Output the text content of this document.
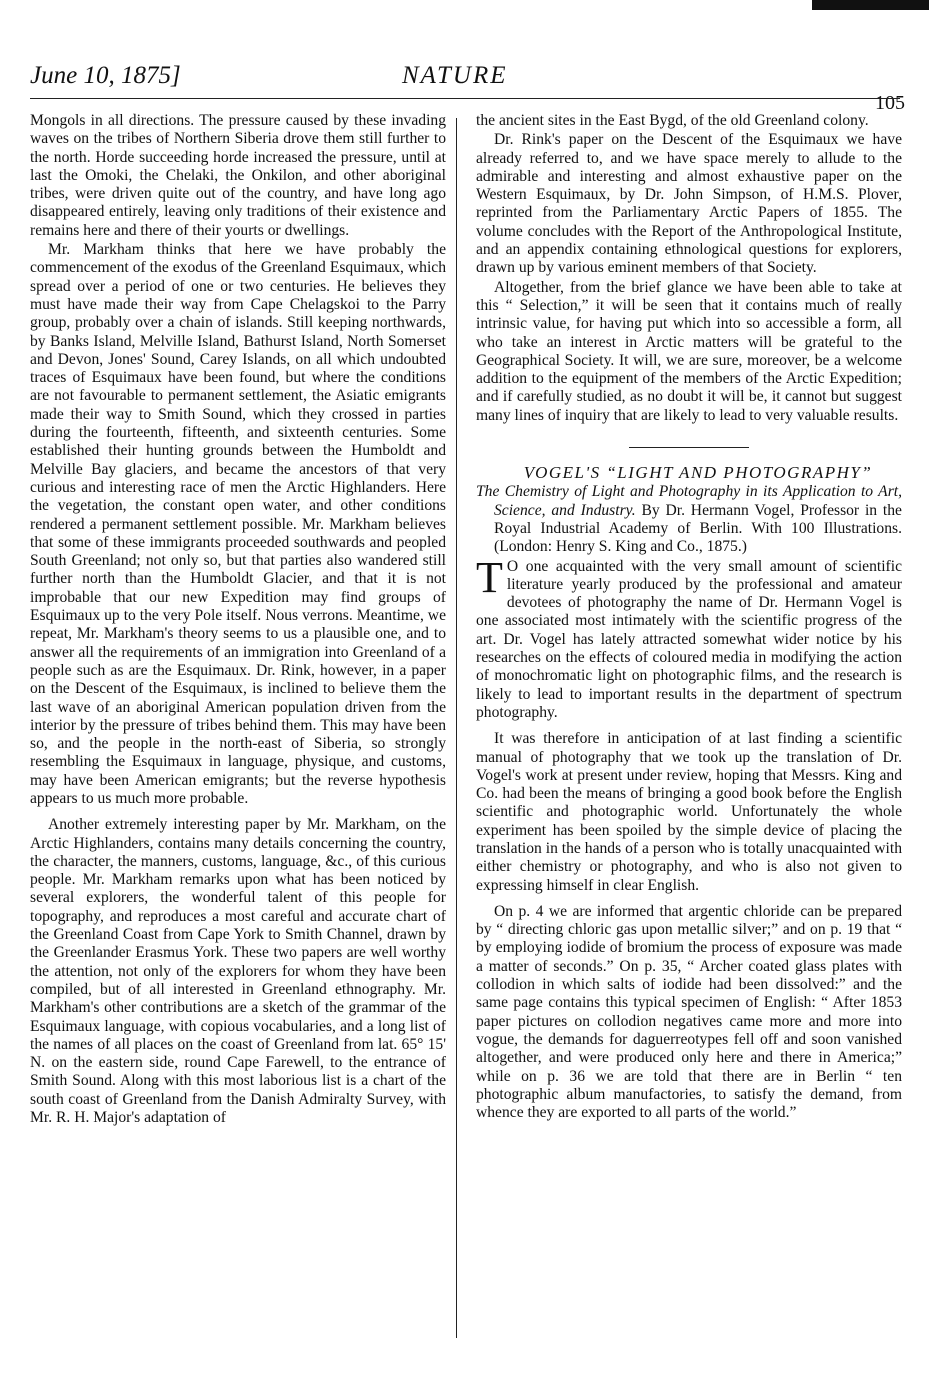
June 10, 1875]	NATURE
105

Mongols in all directions. The pressure caused by these invading waves on the tribes of Northern Siberia drove them still further to the north. Horde succeeding horde increased the pressure, until at last the Omoki, the Chelaki, the Onkilon, and other aboriginal tribes, were driven quite out of the country, and have long ago disappeared entirely, leaving only traditions of their existence and remains here and there of their yourts or dwellings.

Mr. Markham thinks that here we have probably the commencement of the exodus of the Greenland Esquimaux, which spread over a period of one or two centuries. He believes they must have made their way from Cape Chelagskoi to the Parry group, probably over a chain of islands. Still keeping northwards, by Banks Island, Melville Island, Bathurst Island, North Somerset and Devon, Jones' Sound, Carey Islands, on all which undoubted traces of Esquimaux have been found, but where the conditions are not favourable to permanent settlement, the Asiatic emigrants made their way to Smith Sound, which they crossed in parties during the fourteenth, fifteenth, and sixteenth centuries. Some established their hunting grounds between the Humboldt and Melville Bay glaciers, and became the ancestors of that very curious and interesting race of men the Arctic Highlanders. Here the vegetation, the constant open water, and other conditions rendered a permanent settlement possible. Mr. Markham believes that some of these immigrants proceeded southwards and peopled South Greenland; not only so, but that parties also wandered still further north than the Humboldt Glacier, and that it is not improbable that our new Expedition may find groups of Esquimaux up to the very Pole itself. Nous verrons. Meantime, we repeat, Mr. Markham's theory seems to us a plausible one, and to answer all the requirements of an immigration into Greenland of a people such as are the Esquimaux. Dr. Rink, however, in a paper on the Descent of the Esquimaux, is inclined to believe them the last wave of an aboriginal American population driven from the interior by the pressure of tribes behind them. This may have been so, and the people in the north-east of Siberia, so strongly resembling the Esquimaux in language, physique, and customs, may have been American emigrants; but the reverse hypothesis appears to us much more probable.

Another extremely interesting paper by Mr. Markham, on the Arctic Highlanders, contains many details concerning the country, the character, the manners, customs, language, &c., of this curious people. Mr. Markham remarks upon what has been noticed by several explorers, the wonderful talent of this people for topography, and reproduces a most careful and accurate chart of the Greenland Coast from Cape York to Smith Channel, drawn by the Greenlander Erasmus York. These two papers are well worthy the attention, not only of the explorers for whom they have been compiled, but of all interested in Greenland ethnography. Mr. Markham's other contributions are a sketch of the grammar of the Esquimaux language, with copious vocabularies, and a long list of the names of all places on the coast of Greenland from lat. 65° 15' N. on the eastern side, round Cape Farewell, to the entrance of Smith Sound. Along with this most laborious list is a chart of the south coast of Greenland from the Danish Admiralty Survey, with Mr. R. H. Major's adaptation of

the ancient sites in the East Bygd, of the old Greenland colony.

Dr. Rink's paper on the Descent of the Esquimaux we have already referred to, and we have space merely to allude to the admirable and interesting and almost exhaustive paper on the Western Esquimaux, by Dr. John Simpson, of H.M.S. Plover, reprinted from the Parliamentary Arctic Papers of 1855. The volume concludes with the Report of the Anthropological Institute, and an appendix containing ethnological questions for explorers, drawn up by various eminent members of that Society.

Altogether, from the brief glance we have been able to take at this “ Selection,” it will be seen that it contains much of really intrinsic value, for having put which into so accessible a form, all who take an interest in Arctic matters will be grateful to the Geographical Society. It will, we are sure, moreover, be a welcome addition to the equipment of the members of the Arctic Expedition; and if carefully studied, as no doubt it will be, it cannot but suggest many lines of inquiry that are likely to lead to very valuable results.

VOGEL'S “LIGHT AND PHOTOGRAPHY”

The Chemistry of Light and Photography in its Application to Art, Science, and Industry. By Dr. Hermann Vogel, Professor in the Royal Industrial Academy of Berlin. With 100 Illustrations. (London: Henry S. King and Co., 1875.)

T O one acquainted with the very small amount of scientific literature yearly produced by the professional and amateur devotees of photography the name of Dr. Hermann Vogel is one associated most intimately with the scientific progress of the art. Dr. Vogel has lately attracted somewhat wider notice by his researches on the effects of coloured media in modifying the action of monochromatic light on photographic films, and the research is likely to lead to important results in the department of spectrum photography.

It was therefore in anticipation of at last finding a scientific manual of photography that we took up the translation of Dr. Vogel's work at present under review, hoping that Messrs. King and Co. had been the means of bringing a good book before the English scientific and photographic world. Unfortunately the whole experiment has been spoiled by the simple device of placing the translation in the hands of a person who is totally unacquainted with either chemistry or photography, and who is also not given to expressing himself in clear English.

On p. 4 we are informed that argentic chloride can be prepared by “ directing chloric gas upon metallic silver;” and on p. 19 that “ by employing iodide of bromium the process of exposure was made a matter of seconds.” On p. 35, “ Archer coated glass plates with collodion in which salts of iodide had been dissolved:” and the same page contains this typical specimen of English: “ After 1853 paper pictures on collodion negatives came more and more into vogue, the demands for daguerreotypes fell off and soon vanished altogether, and were produced only here and there in America;” while on p. 36 we are told that there are in Berlin “ ten photographic album manufactories, to satisfy the demand, from whence they are exported to all parts of the world.”
